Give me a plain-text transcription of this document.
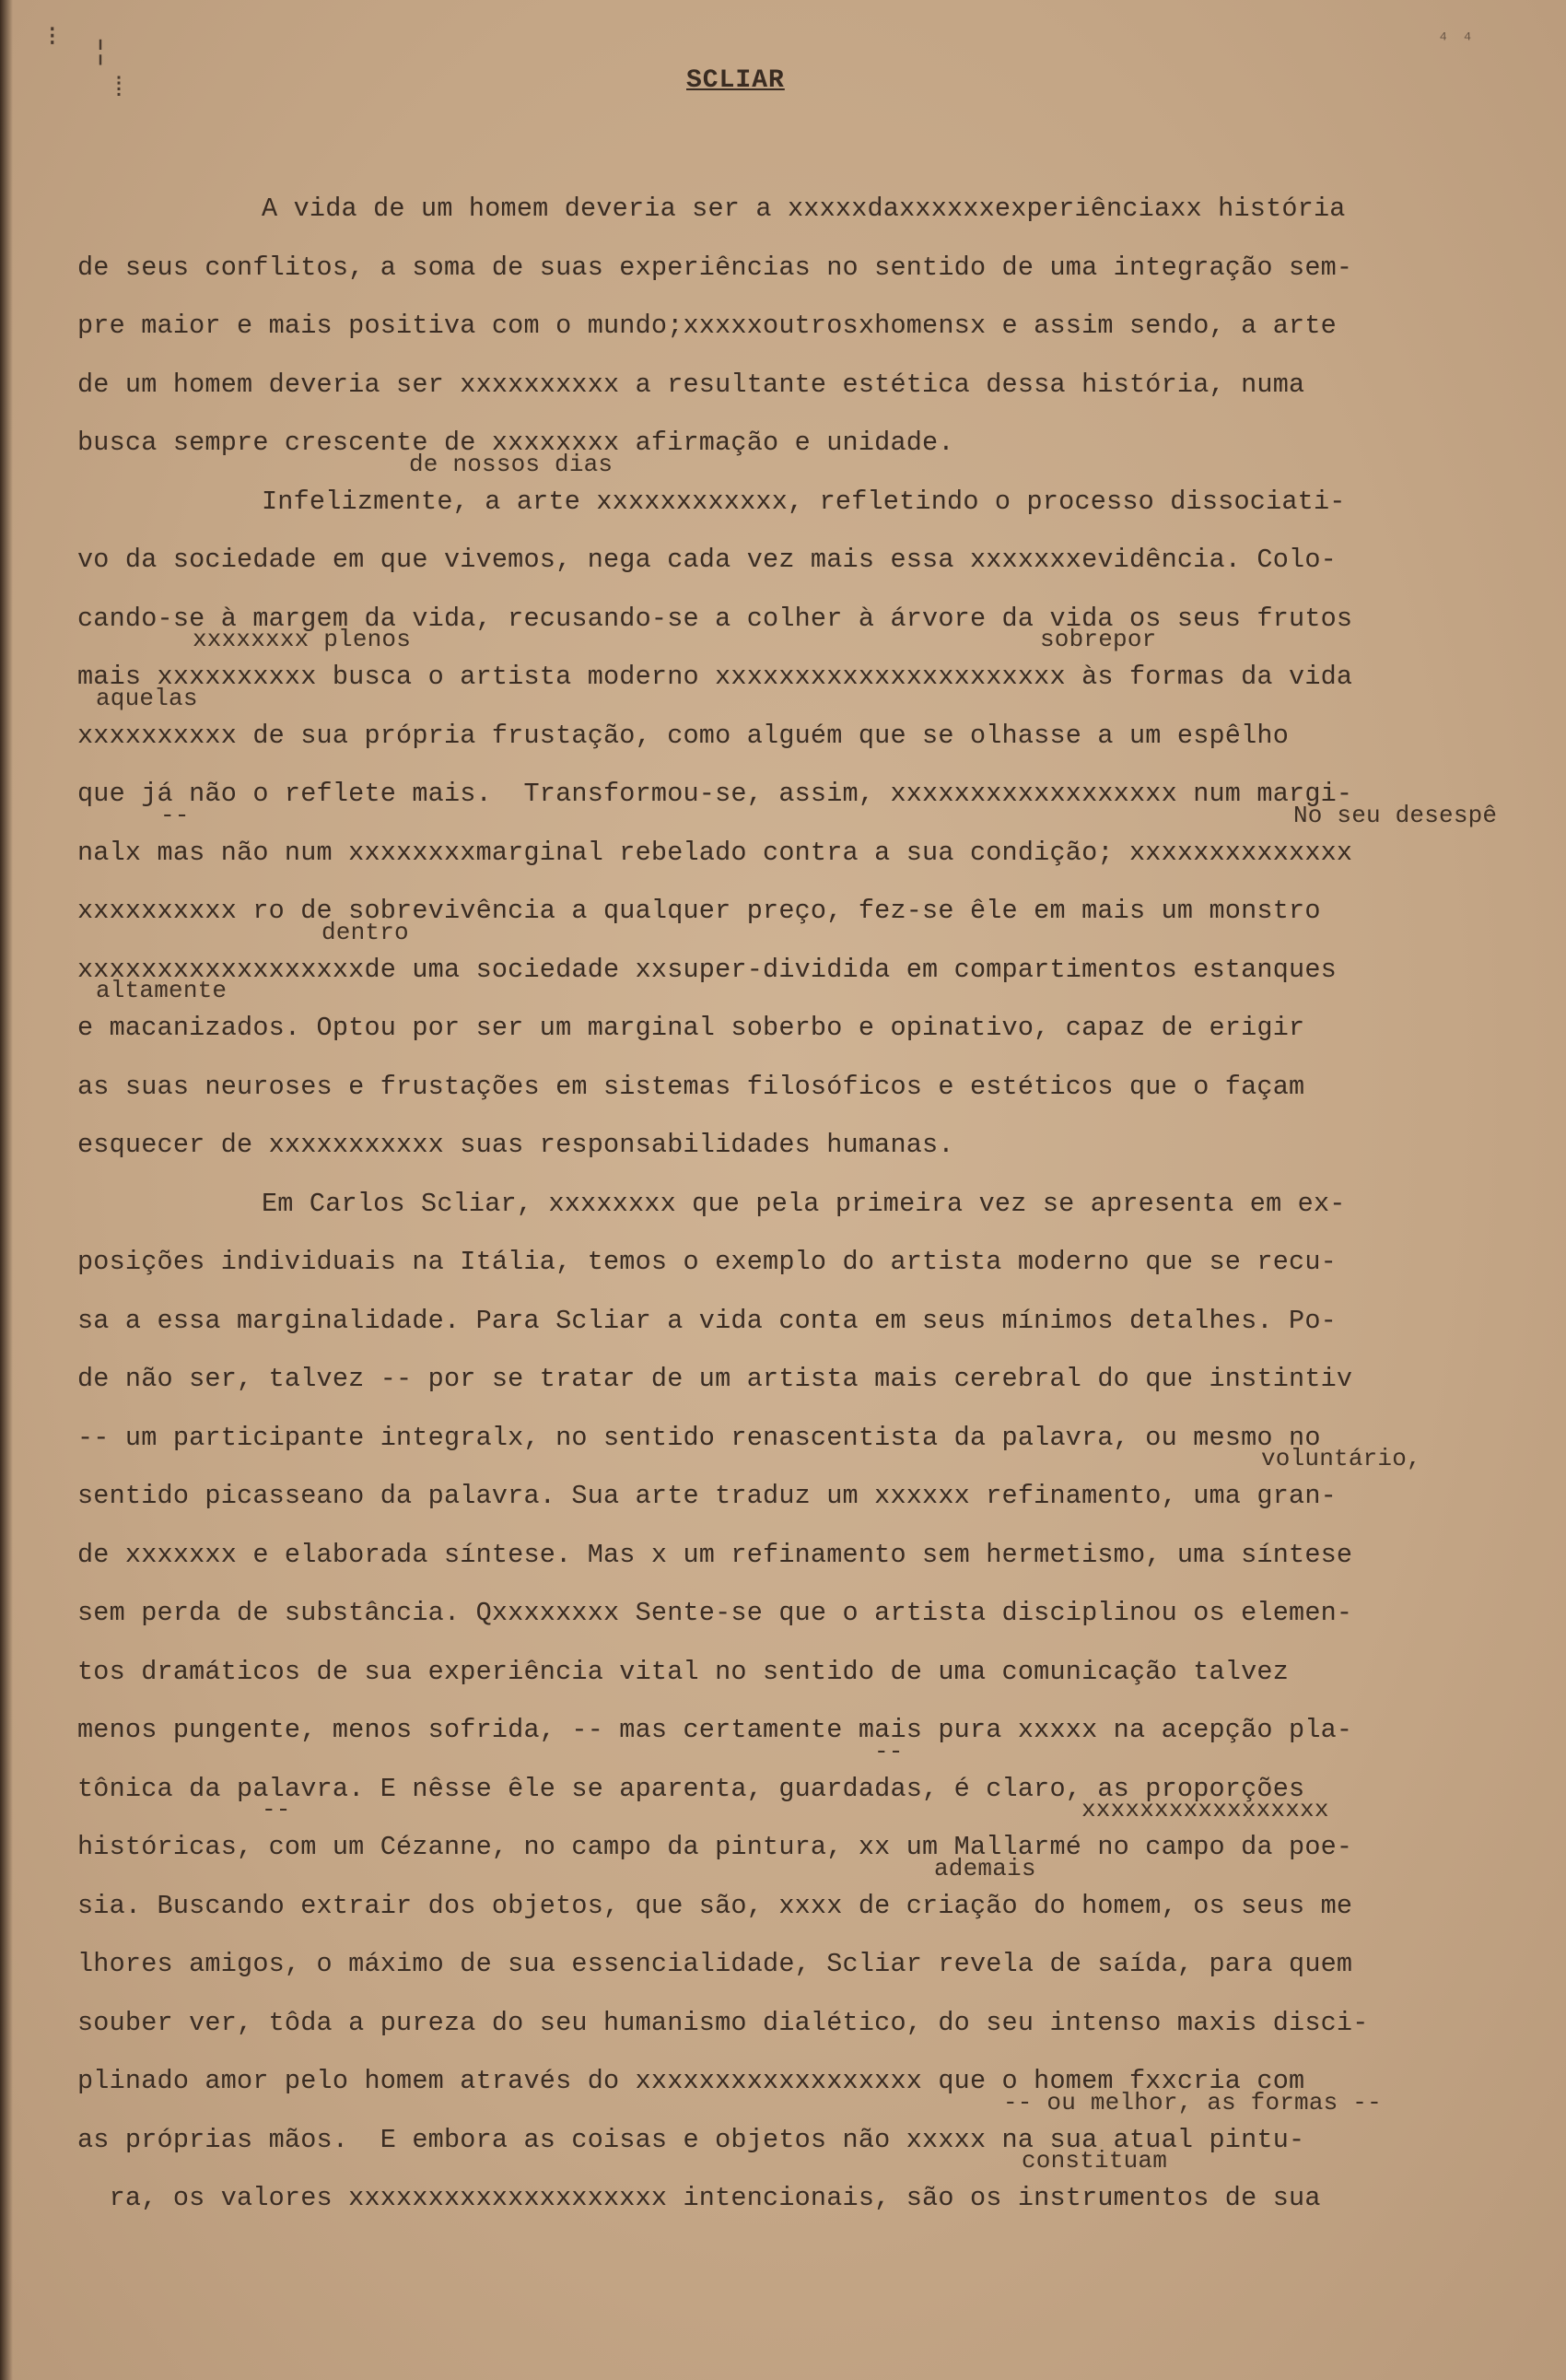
⁝ ¦
⁞
⁴ ⁴
SCLIAR
A vida de um homem deveria ser a xxxxxdaxxxxxxexperiênciaxx história
de seus conflitos, a soma de suas experiências no sentido de uma integração sem-
pre maior e mais positiva com o mundo;xxxxxoutrosxhomensx e assim sendo, a arte
de um homem deveria ser xxxxxxxxxx a resultante estética dessa história, numa
busca sempre crescente de xxxxxxxx afirmação e unidade.
de nossos dias
Infelizmente, a arte xxxxxxxxxxxx, refletindo o processo dissociati-
vo da sociedade em que vivemos, nega cada vez mais essa xxxxxxxevidência. Colo-
cando-se à margem da vida, recusando-se a colher à árvore da vida os seus frutos
xxxxxxxx plenos	sobrepor
mais xxxxxxxxxx busca o artista moderno xxxxxxxxxxxxxxxxxxxxxx às formas da vida
aquelas
xxxxxxxxxx de sua própria frustação, como alguém que se olhasse a um espêlho
que já não o reflete mais.  Transformou-se, assim, xxxxxxxxxxxxxxxxxx num margi-
--	No seu desespê
nalx mas não num xxxxxxxxmarginal rebelado contra a sua condição; xxxxxxxxxxxxxx
xxxxxxxxxx ro de sobrevivência a qualquer preço, fez-se êle em mais um monstro
dentro
xxxxxxxxxxxxxxxxxxde uma sociedade xxsuper-dividida em compartimentos estanques
altamente
e macanizados. Optou por ser um marginal soberbo e opinativo, capaz de erigir
as suas neuroses e frustações em sistemas filosóficos e estéticos que o façam
esquecer de xxxxxxxxxxx suas responsabilidades humanas.
Em Carlos Scliar, xxxxxxxx que pela primeira vez se apresenta em ex-
posições individuais na Itália, temos o exemplo do artista moderno que se recu-
sa a essa marginalidade. Para Scliar a vida conta em seus mínimos detalhes. Po-
de não ser, talvez -- por se tratar de um artista mais cerebral do que instintiv
-- um participante integralx, no sentido renascentista da palavra, ou mesmo no
voluntário,
sentido picasseano da palavra. Sua arte traduz um xxxxxx refinamento, uma gran-
de xxxxxxx e elaborada síntese. Mas x um refinamento sem hermetismo, uma síntese
sem perda de substância. Qxxxxxxxx Sente-se que o artista disciplinou os elemen-
tos dramáticos de sua experiência vital no sentido de uma comunicação talvez
menos pungente, menos sofrida, -- mas certamente mais pura xxxxx na acepção pla-
--
tônica da palavra. E nêsse êle se aparenta, guardadas, é claro, as proporções
--	xxxxxxxxxxxxxxxxx
históricas, com um Cézanne, no campo da pintura, xx um Mallarmé no campo da poe-
ademais
sia. Buscando extrair dos objetos, que são, xxxx de criação do homem, os seus me
lhores amigos, o máximo de sua essencialidade, Scliar revela de saída, para quem
souber ver, tôda a pureza do seu humanismo dialético, do seu intenso maxis disci-
plinado amor pelo homem através do xxxxxxxxxxxxxxxxxx que o homem fxxcria com
-- ou melhor, as formas --
as próprias mãos.  E embora as coisas e objetos não xxxxx na sua atual pintu-
constituam
ra, os valores xxxxxxxxxxxxxxxxxxxx intencionais, são os instrumentos de sua
